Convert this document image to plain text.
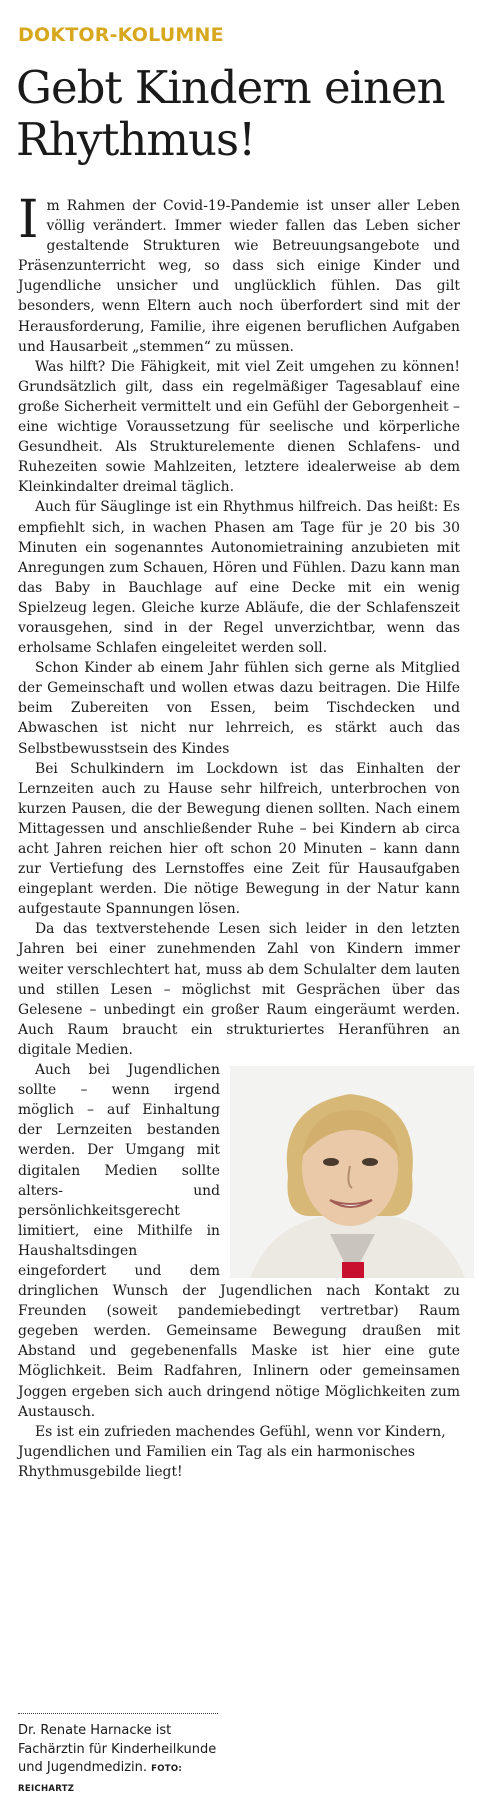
DOKTOR-KOLUMNE
Gebt Kindern einen Rhythmus!

Im Rahmen der Covid-19-Pandemie ist unser aller Leben völlig verändert. Immer wieder fallen das Leben sicher gestaltende Strukturen wie Betreuungsangebote und Präsenzunterricht weg, so dass sich einige Kinder und Jugendliche unsicher und unglücklich fühlen. Das gilt besonders, wenn Eltern auch noch überfordert sind mit der Herausforderung, Familie, ihre eigenen beruflichen Aufgaben und Hausarbeit „stemmen“ zu müssen.

Was hilft? Die Fähigkeit, mit viel Zeit umgehen zu können! Grundsätzlich gilt, dass ein regelmäßiger Tagesablauf eine große Sicherheit vermittelt und ein Gefühl der Geborgenheit – eine wichtige Voraussetzung für seelische und körperliche Gesundheit. Als Strukturelemente dienen Schlafens- und Ruhezeiten sowie Mahlzeiten, letztere idealerweise ab dem Kleinkindalter dreimal täglich.

Auch für Säuglinge ist ein Rhythmus hilfreich. Das heißt: Es empfiehlt sich, in wachen Phasen am Tage für je 20 bis 30 Minuten ein sogenanntes Autonomietraining anzubieten mit Anregungen zum Schauen, Hören und Fühlen. Dazu kann man das Baby in Bauchlage auf eine Decke mit ein wenig Spielzeug legen. Gleiche kurze Abläufe, die der Schlafenszeit vorausgehen, sind in der Regel unverzichtbar, wenn das erholsame Schlafen eingeleitet werden soll.

Schon Kinder ab einem Jahr fühlen sich gerne als Mitglied der Gemeinschaft und wollen etwas dazu beitragen. Die Hilfe beim Zubereiten von Essen, beim Tischdecken und Abwaschen ist nicht nur lehrreich, es stärkt auch das Selbstbewusstsein des Kindes

Bei Schulkindern im Lockdown ist das Einhalten der Lernzeiten auch zu Hause sehr hilfreich, unterbrochen von kurzen Pausen, die der Bewegung dienen sollten. Nach einem Mittagessen und anschließender Ruhe – bei Kindern ab circa acht Jahren reichen hier oft schon 20 Minuten – kann dann zur Vertiefung des Lernstoffes eine Zeit für Hausaufgaben eingeplant werden. Die nötige Bewegung in der Natur kann aufgestaute Spannungen lösen.

Da das textverstehende Lesen sich leider in den letzten Jahren bei einer zunehmenden Zahl von Kindern immer weiter verschlechtert hat, muss ab dem Schulalter dem lauten und stillen Lesen – möglichst mit Gesprächen über das Gelesene – unbedingt ein großer Raum eingeräumt werden. Auch Raum braucht ein strukturiertes Heranführen an digitale Medien.

Auch bei Jugendlichen sollte – wenn irgend möglich – auf Einhaltung der Lernzeiten bestanden werden. Der Umgang mit digitalen Medien sollte alters- und persönlichkeitsgerecht limitiert, eine Mithilfe in Haushaltsdingen eingefordert und dem dringlichen Wunsch der Jugendlichen nach Kontakt zu Freunden (soweit pandemiebedingt vertretbar) Raum gegeben werden. Gemeinsame Bewegung draußen mit Abstand und gegebenenfalls Maske ist hier eine gute Möglichkeit. Beim Radfahren, Inlinern oder gemeinsamen Joggen ergeben sich auch dringend nötige Möglichkeiten zum Austausch.

Es ist ein zufrieden machendes Gefühl, wenn vor Kindern, Jugendlichen und Familien ein Tag als ein harmonisches Rhythmusgebilde liegt!

Dr. Renate Harnacke ist Fachärztin für Kinderheilkunde und Jugendmedizin. FOTO: REICHARTZ
